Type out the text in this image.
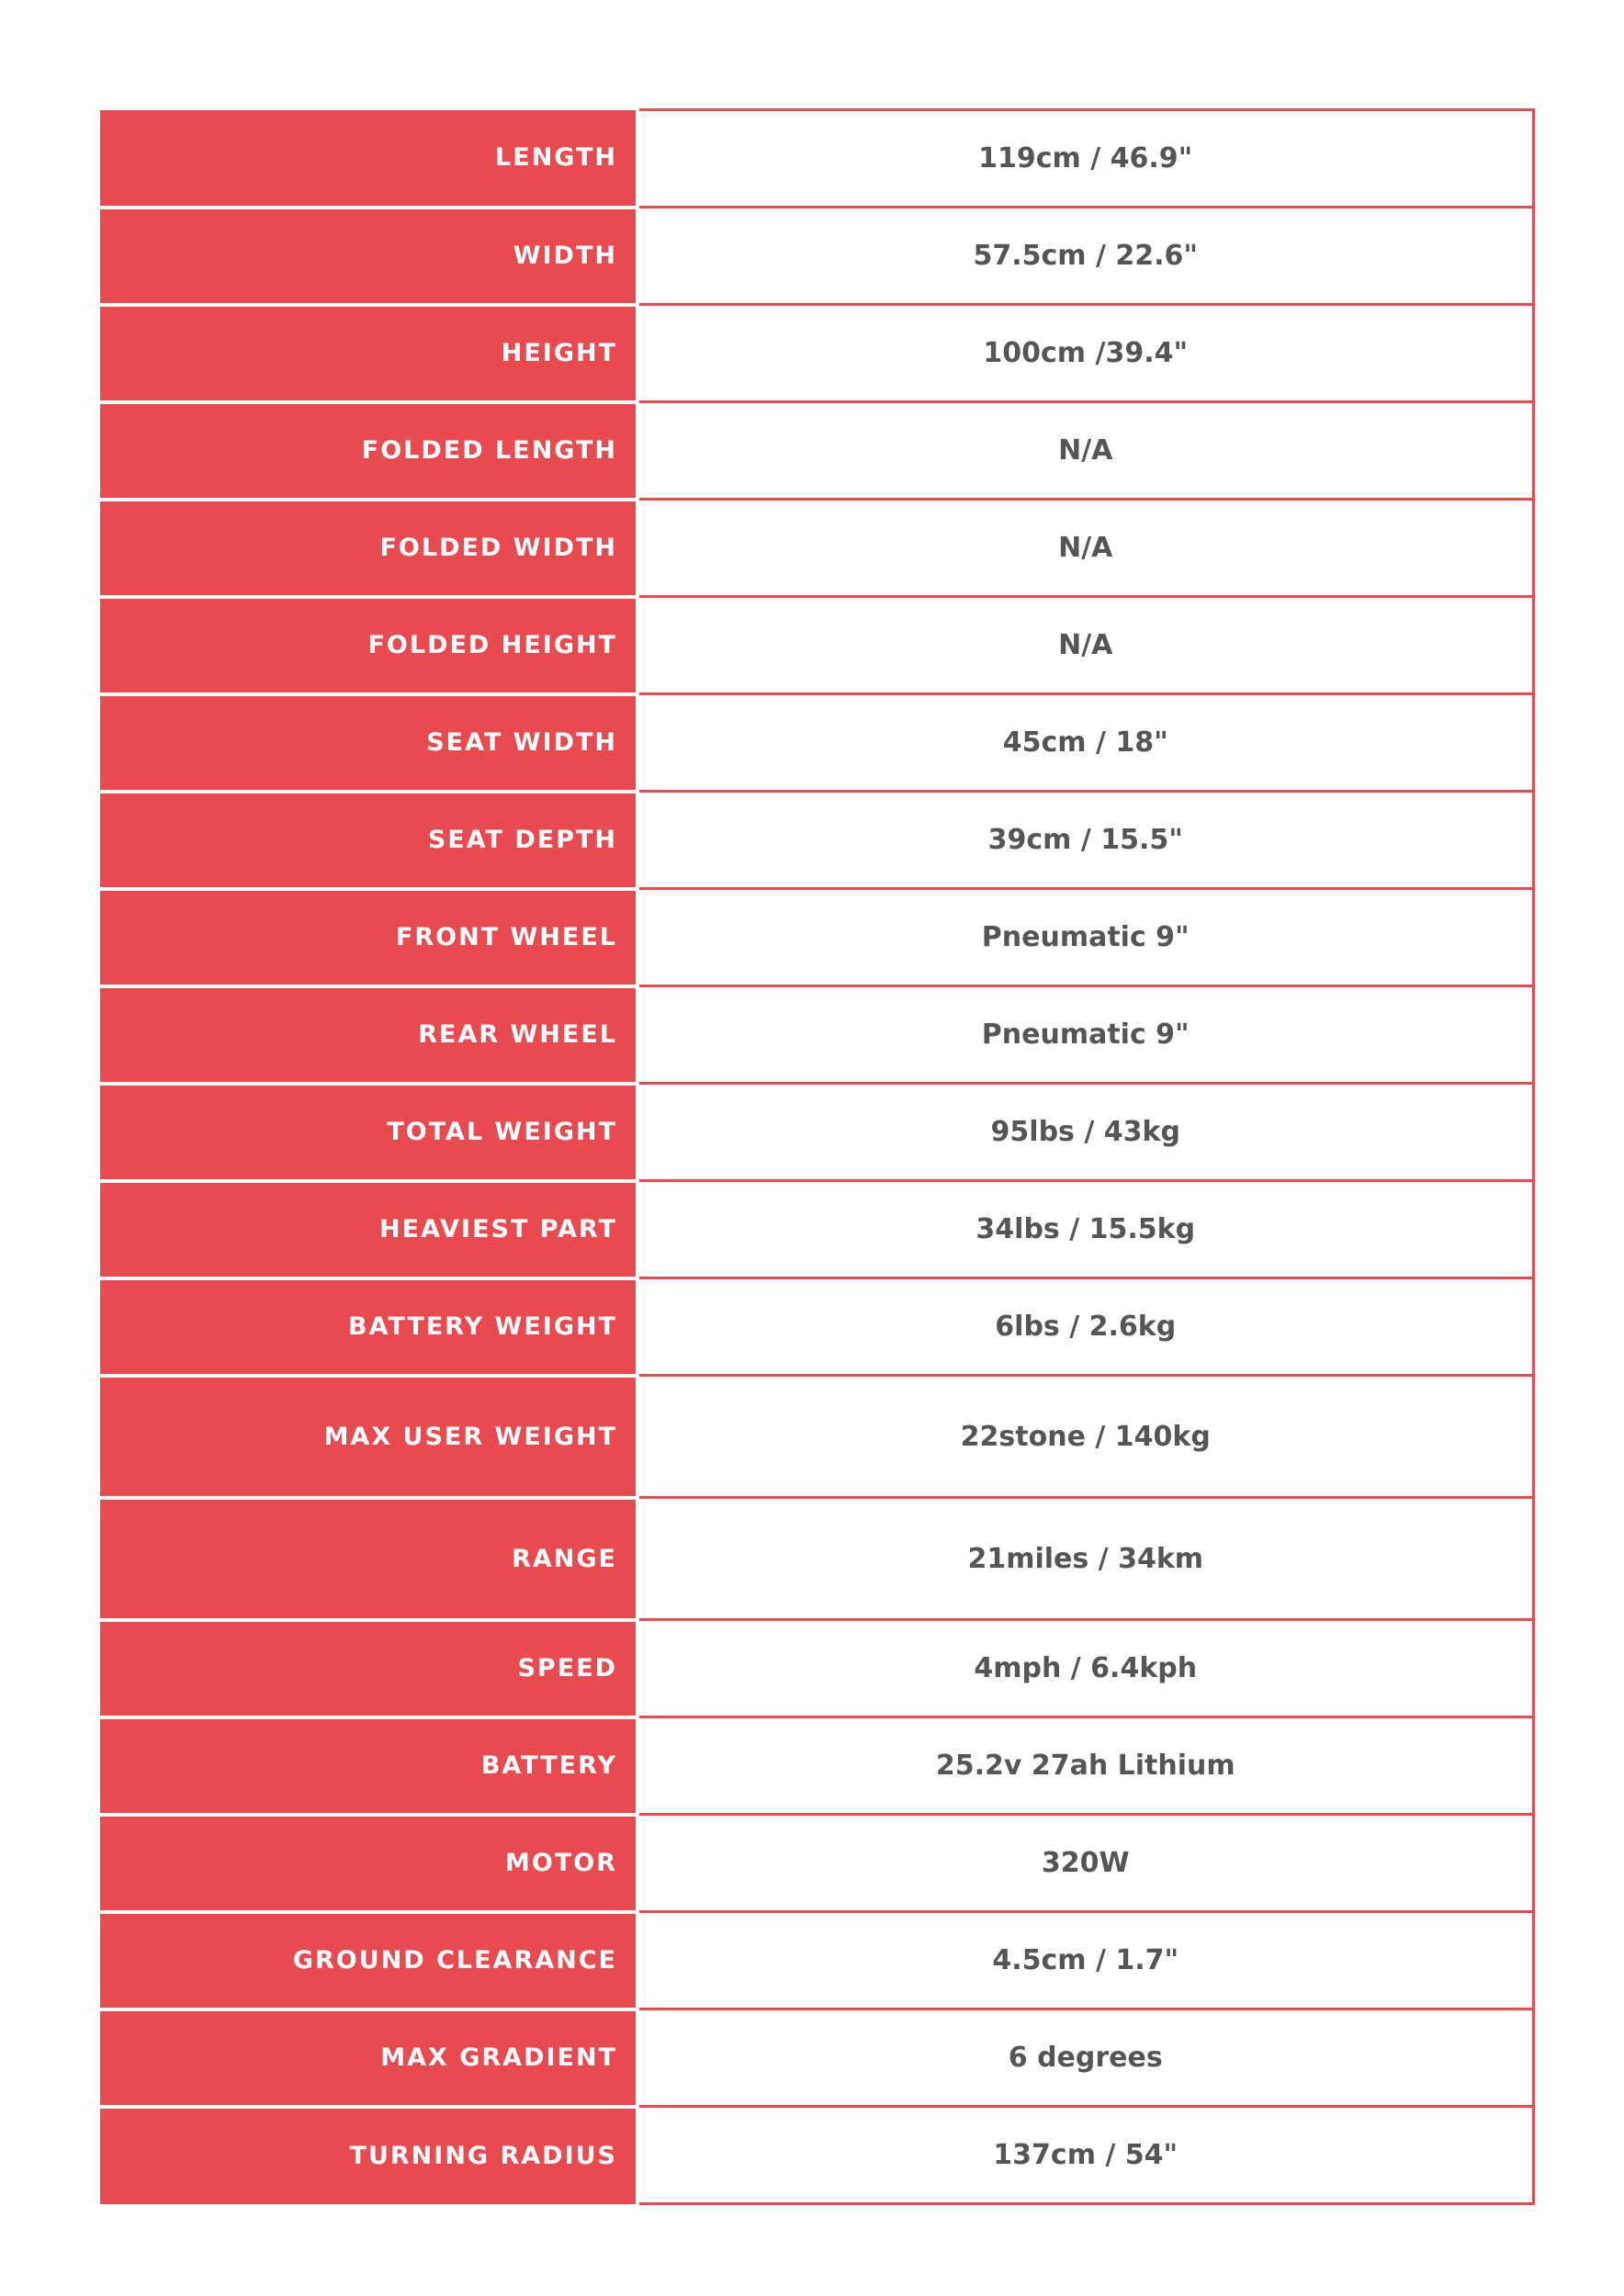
LENGTH	119cm / 46.9"
WIDTH	57.5cm / 22.6"
HEIGHT	100cm /39.4"
FOLDED LENGTH	N/A
FOLDED WIDTH	N/A
FOLDED HEIGHT	N/A
SEAT WIDTH	45cm / 18"
SEAT DEPTH	39cm / 15.5"
FRONT WHEEL	Pneumatic 9"
REAR WHEEL	Pneumatic 9"
TOTAL WEIGHT	95lbs / 43kg
HEAVIEST PART	34lbs / 15.5kg
BATTERY WEIGHT	6lbs / 2.6kg
MAX USER WEIGHT	22stone / 140kg
RANGE	21miles / 34km
SPEED	4mph / 6.4kph
BATTERY	25.2v 27ah Lithium
MOTOR	320W
GROUND CLEARANCE	4.5cm / 1.7"
MAX GRADIENT	6 degrees
TURNING RADIUS	137cm / 54"
